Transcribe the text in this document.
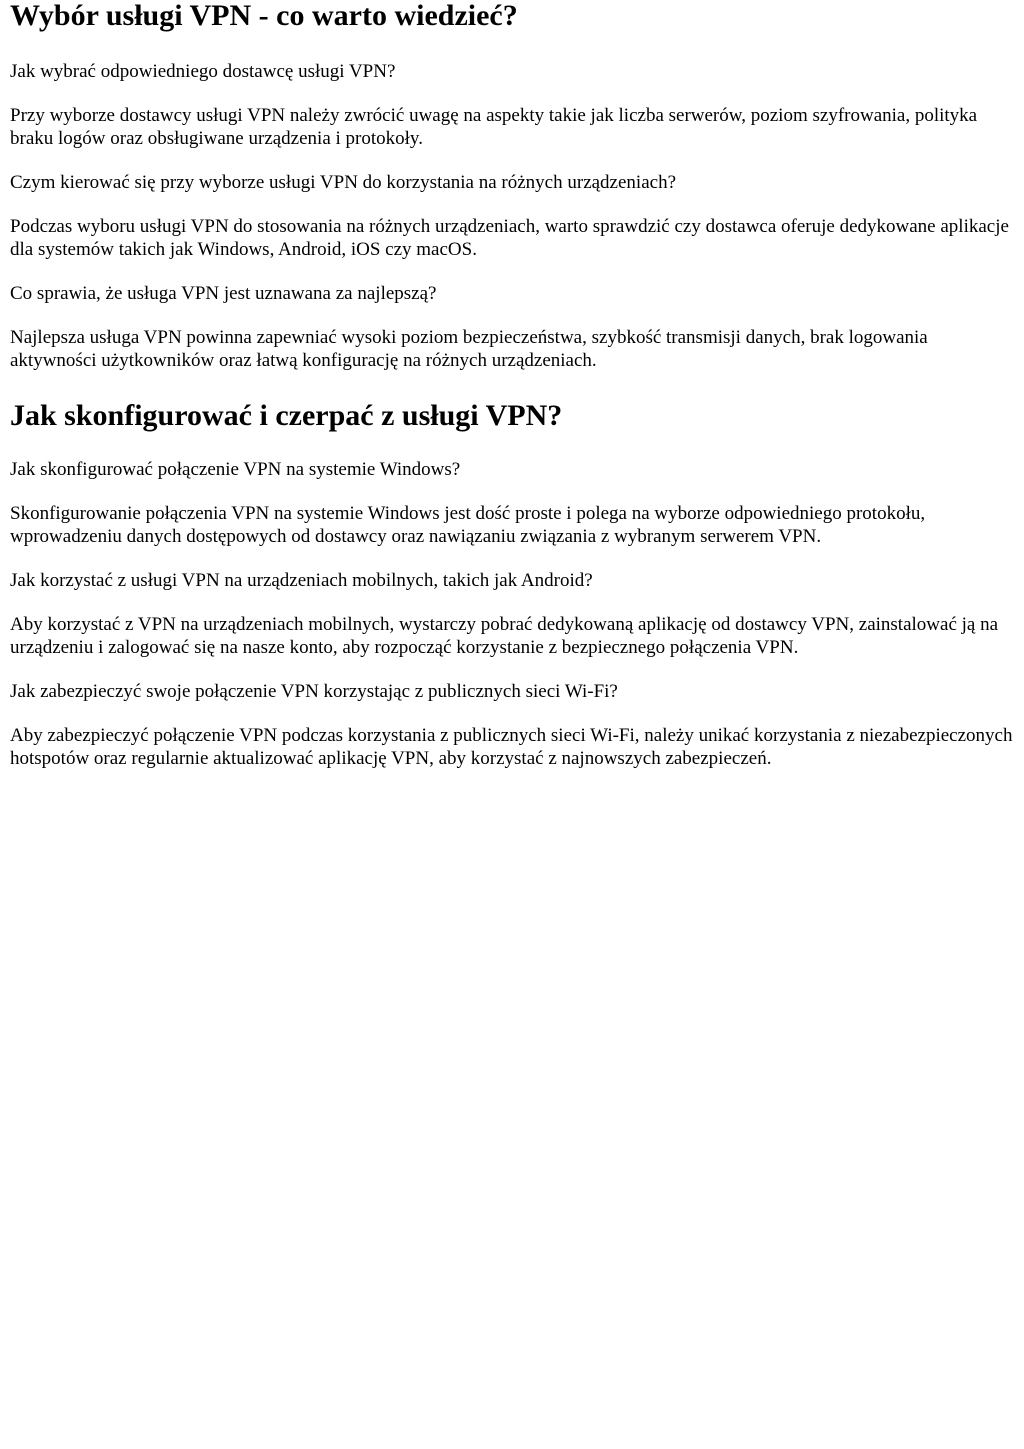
Wybór usługi VPN - co warto wiedzieć?

Jak wybrać odpowiedniego dostawcę usługi VPN?

Przy wyborze dostawcy usługi VPN należy zwrócić uwagę na aspekty takie jak liczba serwerów, poziom szyfrowania, polityka braku logów oraz obsługiwane urządzenia i protokoły.

Czym kierować się przy wyborze usługi VPN do korzystania na różnych urządzeniach?

Podczas wyboru usługi VPN do stosowania na różnych urządzeniach, warto sprawdzić czy dostawca oferuje dedykowane aplikacje dla systemów takich jak Windows, Android, iOS czy macOS.

Co sprawia, że usługa VPN jest uznawana za najlepszą?

Najlepsza usługa VPN powinna zapewniać wysoki poziom bezpieczeństwa, szybkość transmisji danych, brak logowania aktywności użytkowników oraz łatwą konfigurację na różnych urządzeniach.

Jak skonfigurować i czerpać z usługi VPN?

Jak skonfigurować połączenie VPN na systemie Windows?

Skonfigurowanie połączenia VPN na systemie Windows jest dość proste i polega na wyborze odpowiedniego protokołu, wprowadzeniu danych dostępowych od dostawcy oraz nawiązaniu związania z wybranym serwerem VPN.

Jak korzystać z usługi VPN na urządzeniach mobilnych, takich jak Android?

Aby korzystać z VPN na urządzeniach mobilnych, wystarczy pobrać dedykowaną aplikację od dostawcy VPN, zainstalować ją na urządzeniu i zalogować się na nasze konto, aby rozpocząć korzystanie z bezpiecznego połączenia VPN.

Jak zabezpieczyć swoje połączenie VPN korzystając z publicznych sieci Wi-Fi?

Aby zabezpieczyć połączenie VPN podczas korzystania z publicznych sieci Wi-Fi, należy unikać korzystania z niezabezpieczonych hotspotów oraz regularnie aktualizować aplikację VPN, aby korzystać z najnowszych zabezpieczeń.
